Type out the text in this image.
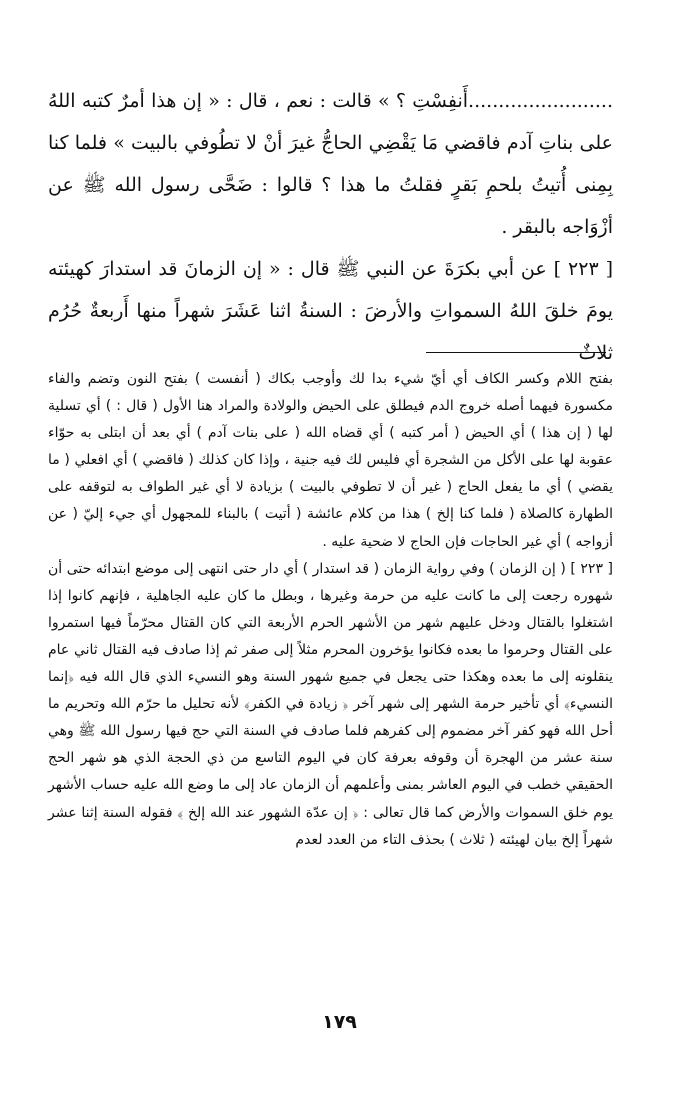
........................أَنفِسْتِ ؟ » قالت : نعم ، قال : « إن هذا أمرٌ كتبه اللهُ على بناتِ آدم فاقضي مَا يَقْضِي الحاجُّ غيرَ أنْ لا تطُوفي بالبيت » فلما كنا بِمِنى أُتيتُ بلحمِ بَقرٍ فقلتُ ما هذا ؟ قالوا : ضَحَّى رسول الله ﷺ عن أزْوَاجه بالبقر .

[ ٢٢٣ ] عن أبي بكرَةَ عن النبي ﷺ قال : « إن الزمانَ قد استدارَ كهيئته يومَ خلقَ اللهُ السمواتِ والأرضَ : السنةُ اثنا عَشَرَ شهراً منها أَربعةٌ حُرُم ثلاثٌ

بفتح اللام وكسر الكاف أي أيّ شيء بدا لك وأوجب بكاك ( أنفست ) بفتح النون وتضم والفاء مكسورة فيهما أصله خروج الدم فيطلق على الحيض والولادة والمراد هنا الأول ( قال : ) أي تسلية لها ( إن هذا ) أي الحيض ( أمر كتبه ) أي قضاه الله ( على بنات آدم ) أي بعد أن ابتلى به حوّاء عقوبة لها على الأكل من الشجرة أي فليس لك فيه جنية ، وإذا كان كذلك ( فاقضي ) أي افعلي ( ما يقضي ) أي ما يفعل الحاج ( غير أن لا تطوفي بالبيت ) بزيادة لا أي غير الطواف به لتوقفه على الطهارة كالصلاة ( فلما كنا إلخ ) هذا من كلام عائشة ( أتيت ) بالبناء للمجهول أي جيء إليّ ( عن أزواجه ) أي غير الحاجات فإن الحاج لا ضحية عليه .

[ ٢٢٣ ] ( إن الزمان ) وفي رواية الزمان ( قد استدار ) أي دار حتى انتهى إلى موضع ابتدائه حتى أن شهوره رجعت إلى ما كانت عليه من حرمة وغيرها ، وبطل ما كان عليه الجاهلية ، فإنهم كانوا إذا اشتغلوا بالقتال ودخل عليهم شهر من الأشهر الحرم الأربعة التي كان القتال محرّماً فيها استمروا على القتال وحرموا ما بعده فكانوا يؤخرون المحرم مثلاً إلى صفر ثم إذا صادف فيه القتال ثاني عام ينقلونه إلى ما بعده وهكذا حتى يجعل في جميع شهور السنة وهو النسيء الذي قال الله فيه ﴿إنما النسيء﴾ أي تأخير حرمة الشهر إلى شهر آخر ﴿ زيادة في الكفر﴾ لأنه تحليل ما حرّم الله وتحريم ما أحل الله فهو كفر آخر مضموم إلى كفرهم فلما صادف في السنة التي حج فيها رسول الله ﷺ وهي سنة عشر من الهجرة أن وقوفه بعرفة كان في اليوم التاسع من ذي الحجة الذي هو شهر الحج الحقيقي خطب في اليوم العاشر بمنى وأعلمهم أن الزمان عاد إلى ما وضع الله عليه حساب الأشهر يوم خلق السموات والأرض كما قال تعالى : ﴿ إن عدّة الشهور عند الله إلخ ﴾ فقوله السنة إثنا عشر شهراً إلخ بيان لهيئته ( ثلاث ) بحذف التاء من العدد لعدم

١٧٩
